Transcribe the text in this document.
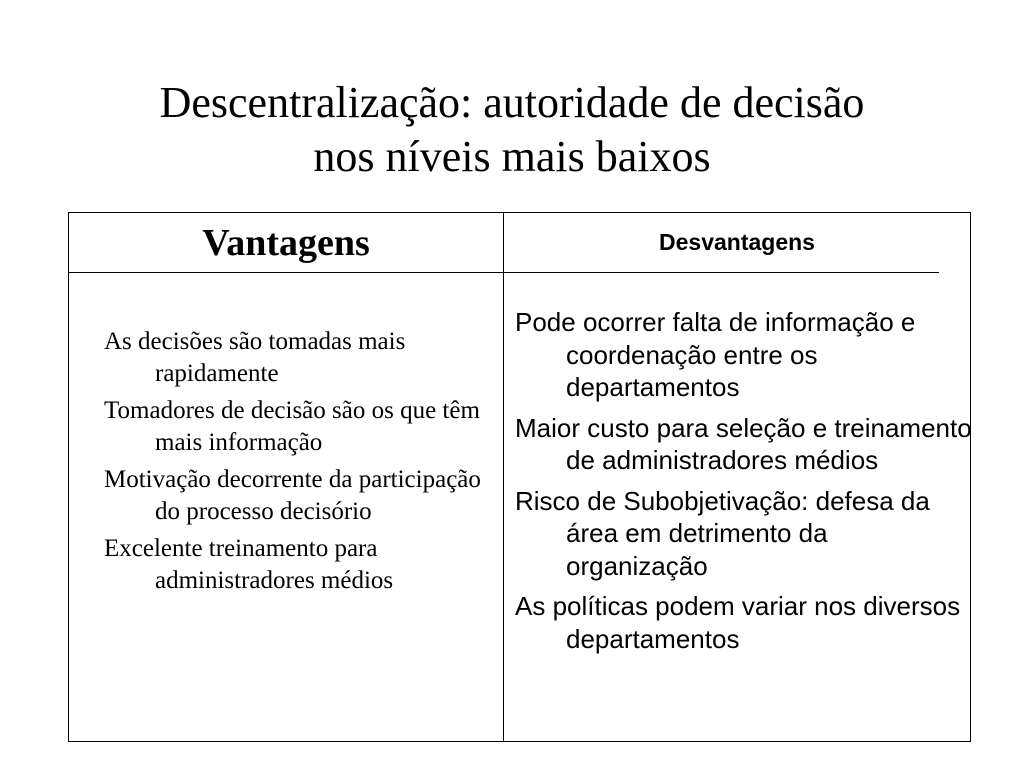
Descentralização: autoridade de decisão
nos níveis mais baixos
Vantagens	Desvantagens
As decisões são tomadas mais rapidamente
Tomadores de decisão são os que têm mais informação
Motivação decorrente da participação do processo decisório
Excelente treinamento para administradores médios
Pode ocorrer falta de informação e coordenação entre os departamentos
Maior custo para seleção e treinamento de administradores médios
Risco de Subobjetivação: defesa da área em detrimento da organização
As políticas podem variar nos diversos departamentos
